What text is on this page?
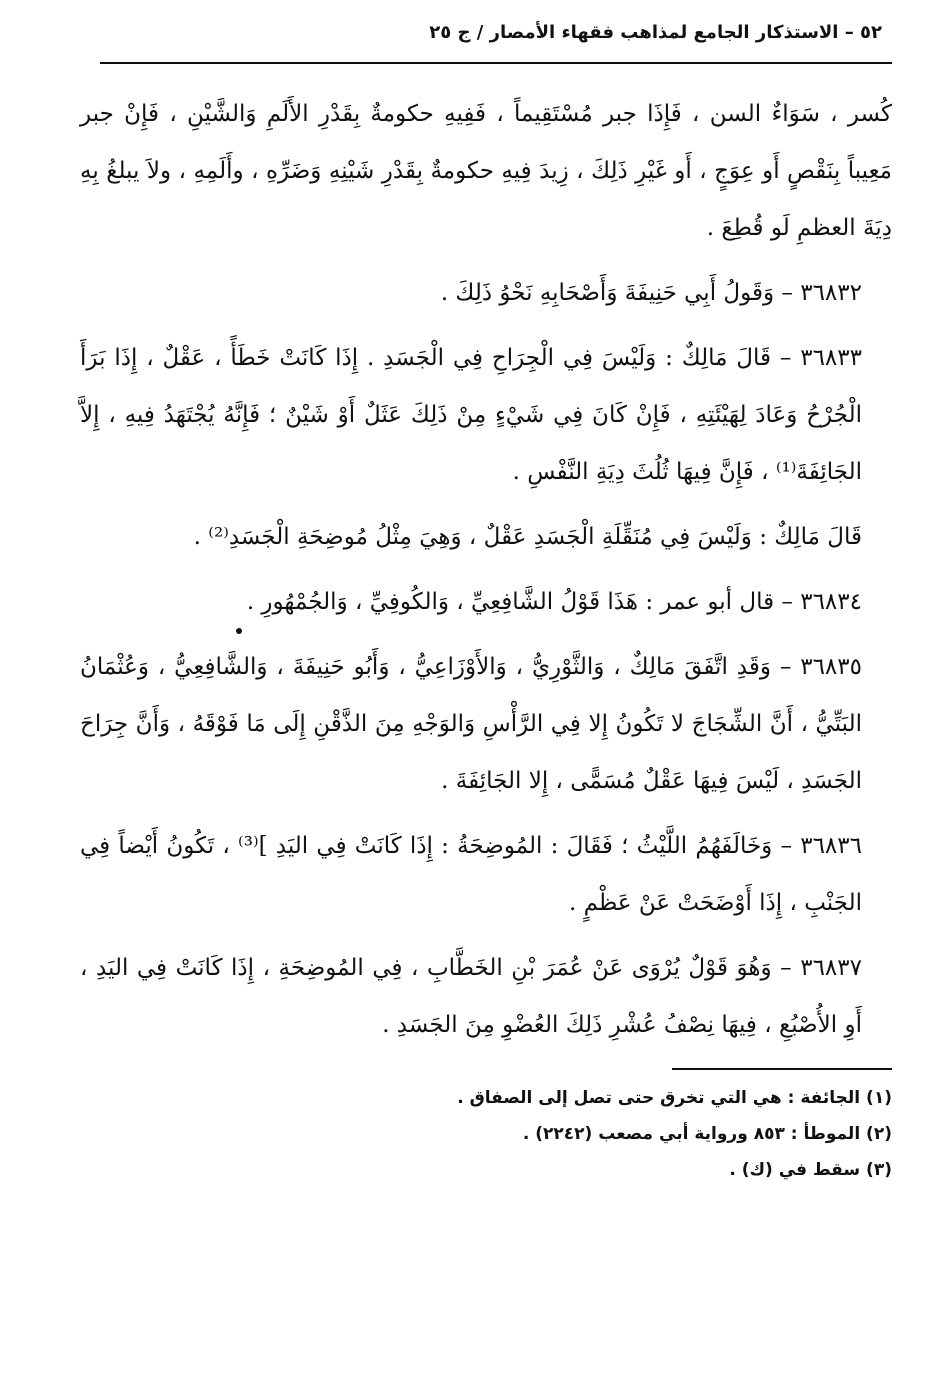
٥٢ – الاستذكار الجامع لمذاهب فقهاء الأمصار / ج ٢٥

كُسر ، سَوَاءٌ السن ، فَإِذَا جبر مُسْتَقِيماً ، فَفِيهِ حكومةٌ بِقَدْرِ الأَلَمِ وَالشَّيْنِ ، فَإِنْ جبر مَعِيباً بِنَقْصٍ أَو عِوَجٍ ، أَو غَيْرِ ذَلِكَ ، زِيدَ فِيهِ حكومةٌ بِقَدْرِ شَيْنِهِ وَضَرِّهِ ، وأَلَمِهِ ، ولاَ يبلغُ بِهِ دِيَةَ العظمِ لَو قُطِعَ .

٣٦٨٣٢ – وَقَولُ أَبِي حَنِيفَةَ وَأَصْحَابِهِ نَحْوُ ذَلِكَ .

٣٦٨٣٣ – قَالَ مَالِكٌ : وَلَيْسَ فِي الْجِرَاحِ فِي الْجَسَدِ . إِذَا كَانَتْ خَطَأً ، عَقْلٌ ، إِذَا بَرَأَ الْجُرْحُ وَعَادَ لِهَيْئَتِهِ ، فَإِنْ كَانَ فِي شَيْءٍ مِنْ ذَلِكَ عَثَلٌ أَوْ شَيْنٌ ؛ فَإِنَّهُ يُجْتَهَدُ فِيهِ ، إِلاَّ الجَائِفَةَ⁽¹⁾ ، فَإِنَّ فِيهَا ثُلُثَ دِيَةِ النَّفْسِ .

قَالَ مَالِكٌ : وَلَيْسَ فِي مُنَقِّلَةِ الْجَسَدِ عَقْلٌ ، وَهِيَ مِثْلُ مُوضِحَةِ الْجَسَدِ⁽²⁾ .

٣٦٨٣٤ – قال أبو عمر : هَذَا قَوْلُ الشَّافِعِيِّ ، وَالكُوفِيِّ ، وَالجُمْهُورِ .

٣٦٨٣٥ – وَقَدِ اتَّفَقَ مَالِكٌ ، وَالثَّوْرِيُّ ، وَالأَوْزَاعِيُّ ، وَأَبُو حَنِيفَةَ ، وَالشَّافِعِيُّ ، وَعُثْمَانُ البَتِّيُّ ، أَنَّ الشِّجَاجَ لا تَكُونُ إِلا فِي الرَّأْسِ وَالوَجْهِ مِنَ الذَّقْنِ إِلَى مَا فَوْقَهُ ، وَأَنَّ جِرَاحَ الجَسَدِ ، لَيْسَ فِيهَا عَقْلٌ مُسَمًّى ، إِلا الجَائِفَةَ .

٣٦٨٣٦ – وَخَالَفَهُمُ اللَّيْثُ ؛ فَقَالَ : المُوضِحَةُ : إِذَا كَانَتْ فِي اليَدِ ]⁽³⁾ ، تَكُونُ أَيْضاً فِي الجَنْبِ ، إِذَا أَوْضَحَتْ عَنْ عَظْمٍ .

٣٦٨٣٧ – وَهُوَ قَوْلٌ يُرْوَى عَنْ عُمَرَ بْنِ الخَطَّابِ ، فِي المُوضِحَةِ ، إِذَا كَانَتْ فِي اليَدِ ، أَوِ الأُصْبُعِ ، فِيهَا نِصْفُ عُشْرِ ذَلِكَ العُضْوِ مِنَ الجَسَدِ .

(١) الجائفة : هي التي تخرق حتى تصل إلى الصفاق .
(٢) الموطأ : ٨٥٣ ورواية أبي مصعب (٢٢٤٢) .
(٣) سقط في (ك) .
